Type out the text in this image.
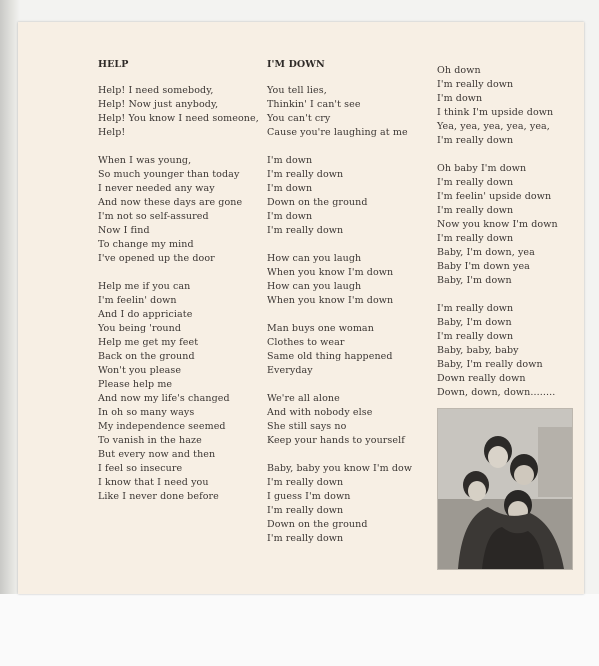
HELP
Help! I need somebody,
Help! Now just anybody,
Help! You know I need someone,
Help!
When I was young,
So much younger than today
I never needed any way
And now these days are gone
I'm not so self-assured
Now I find
To change my mind
I've opened up the door
Help me if you can
I'm feelin' down
And I do appriciate
You being 'round
Help me get my feet
Back on the ground
Won't you please
Please help me
And now my life's changed
In oh so many ways
My independence seemed
To vanish in the haze
But every now and then
I feel so insecure
I know that I need you
Like I never done before
I'M DOWN
You tell lies,
Thinkin' I can't see
You can't cry
Cause you're laughing at me
I'm down
I'm really down
I'm down
Down on the ground
I'm down
I'm really down
How can you laugh
When you know I'm down
How can you laugh
When you know I'm down
Man buys one woman
Clothes to wear
Same old thing happened
Everyday
We're all alone
And with nobody else
She still says no
Keep your hands to yourself
Baby, baby you know I'm dow
I'm really down
I guess I'm down
I'm really down
Down on the ground
I'm really down
Oh down
I'm really down
I'm down
I think I'm upside down
Yea, yea, yea, yea, yea,
I'm really down
Oh baby I'm down
I'm really down
I'm feelin' upside down
I'm really down
Now you know I'm down
I'm really down
Baby, I'm down, yea
Baby I'm down yea
Baby, I'm down
I'm really down
Baby, I'm down
I'm really down
Baby, baby, baby
Baby, I'm really down
Down really down
Down, down, down........
